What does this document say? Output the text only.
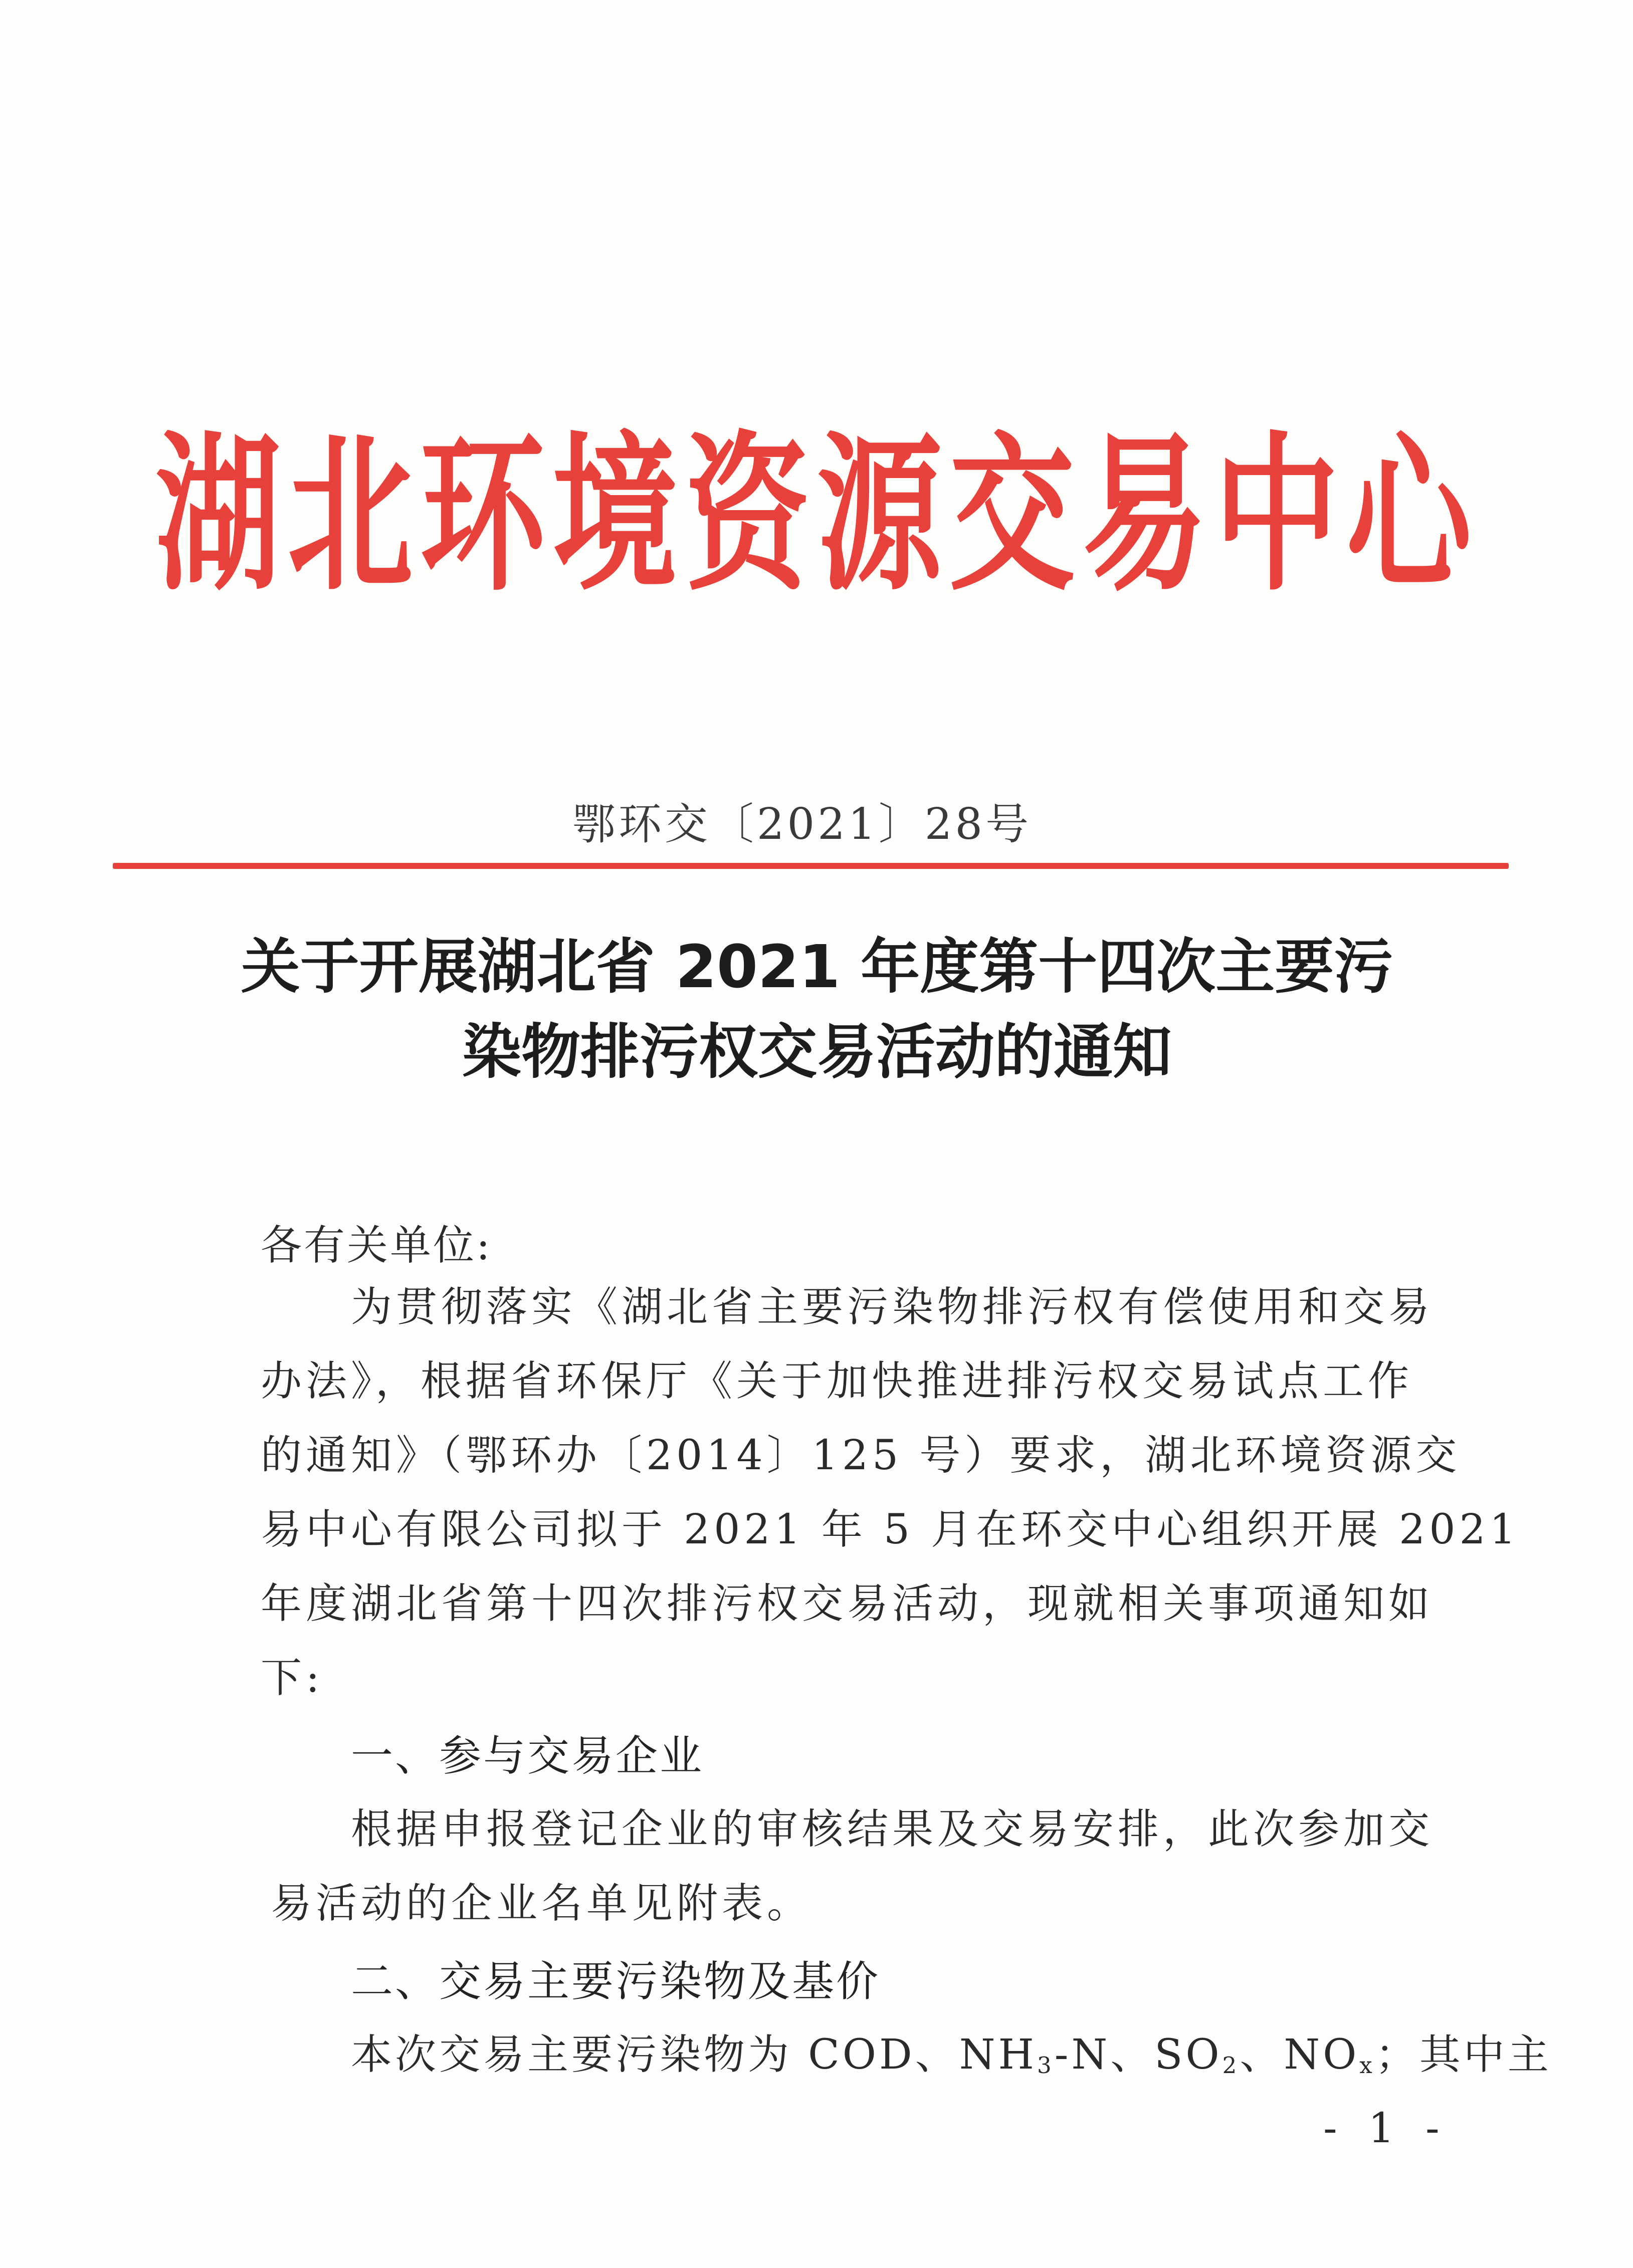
湖北环境资源交易中心
鄂环交〔2021〕28号
关于开展湖北省 2021 年度第十四次主要污
染物排污权交易活动的通知
各有关单位:
为贯彻落实《湖北省主要污染物排污权有偿使用和交易
办法》，根据省环保厅《关于加快推进排污权交易试点工作
的通知》（鄂环办〔2014〕125 号）要求，湖北环境资源交
易中心有限公司拟于 2021 年 5 月在环交中心组织开展 2021
年度湖北省第十四次排污权交易活动，现就相关事项通知如
下:
一、参与交易企业
根据申报登记企业的审核结果及交易安排，此次参加交
易活动的企业名单见附表。
二、交易主要污染物及基价
本次交易主要污染物为 COD、$NH_3-N$、$SO_2$、$NO_x$；其中主
- 1 -
